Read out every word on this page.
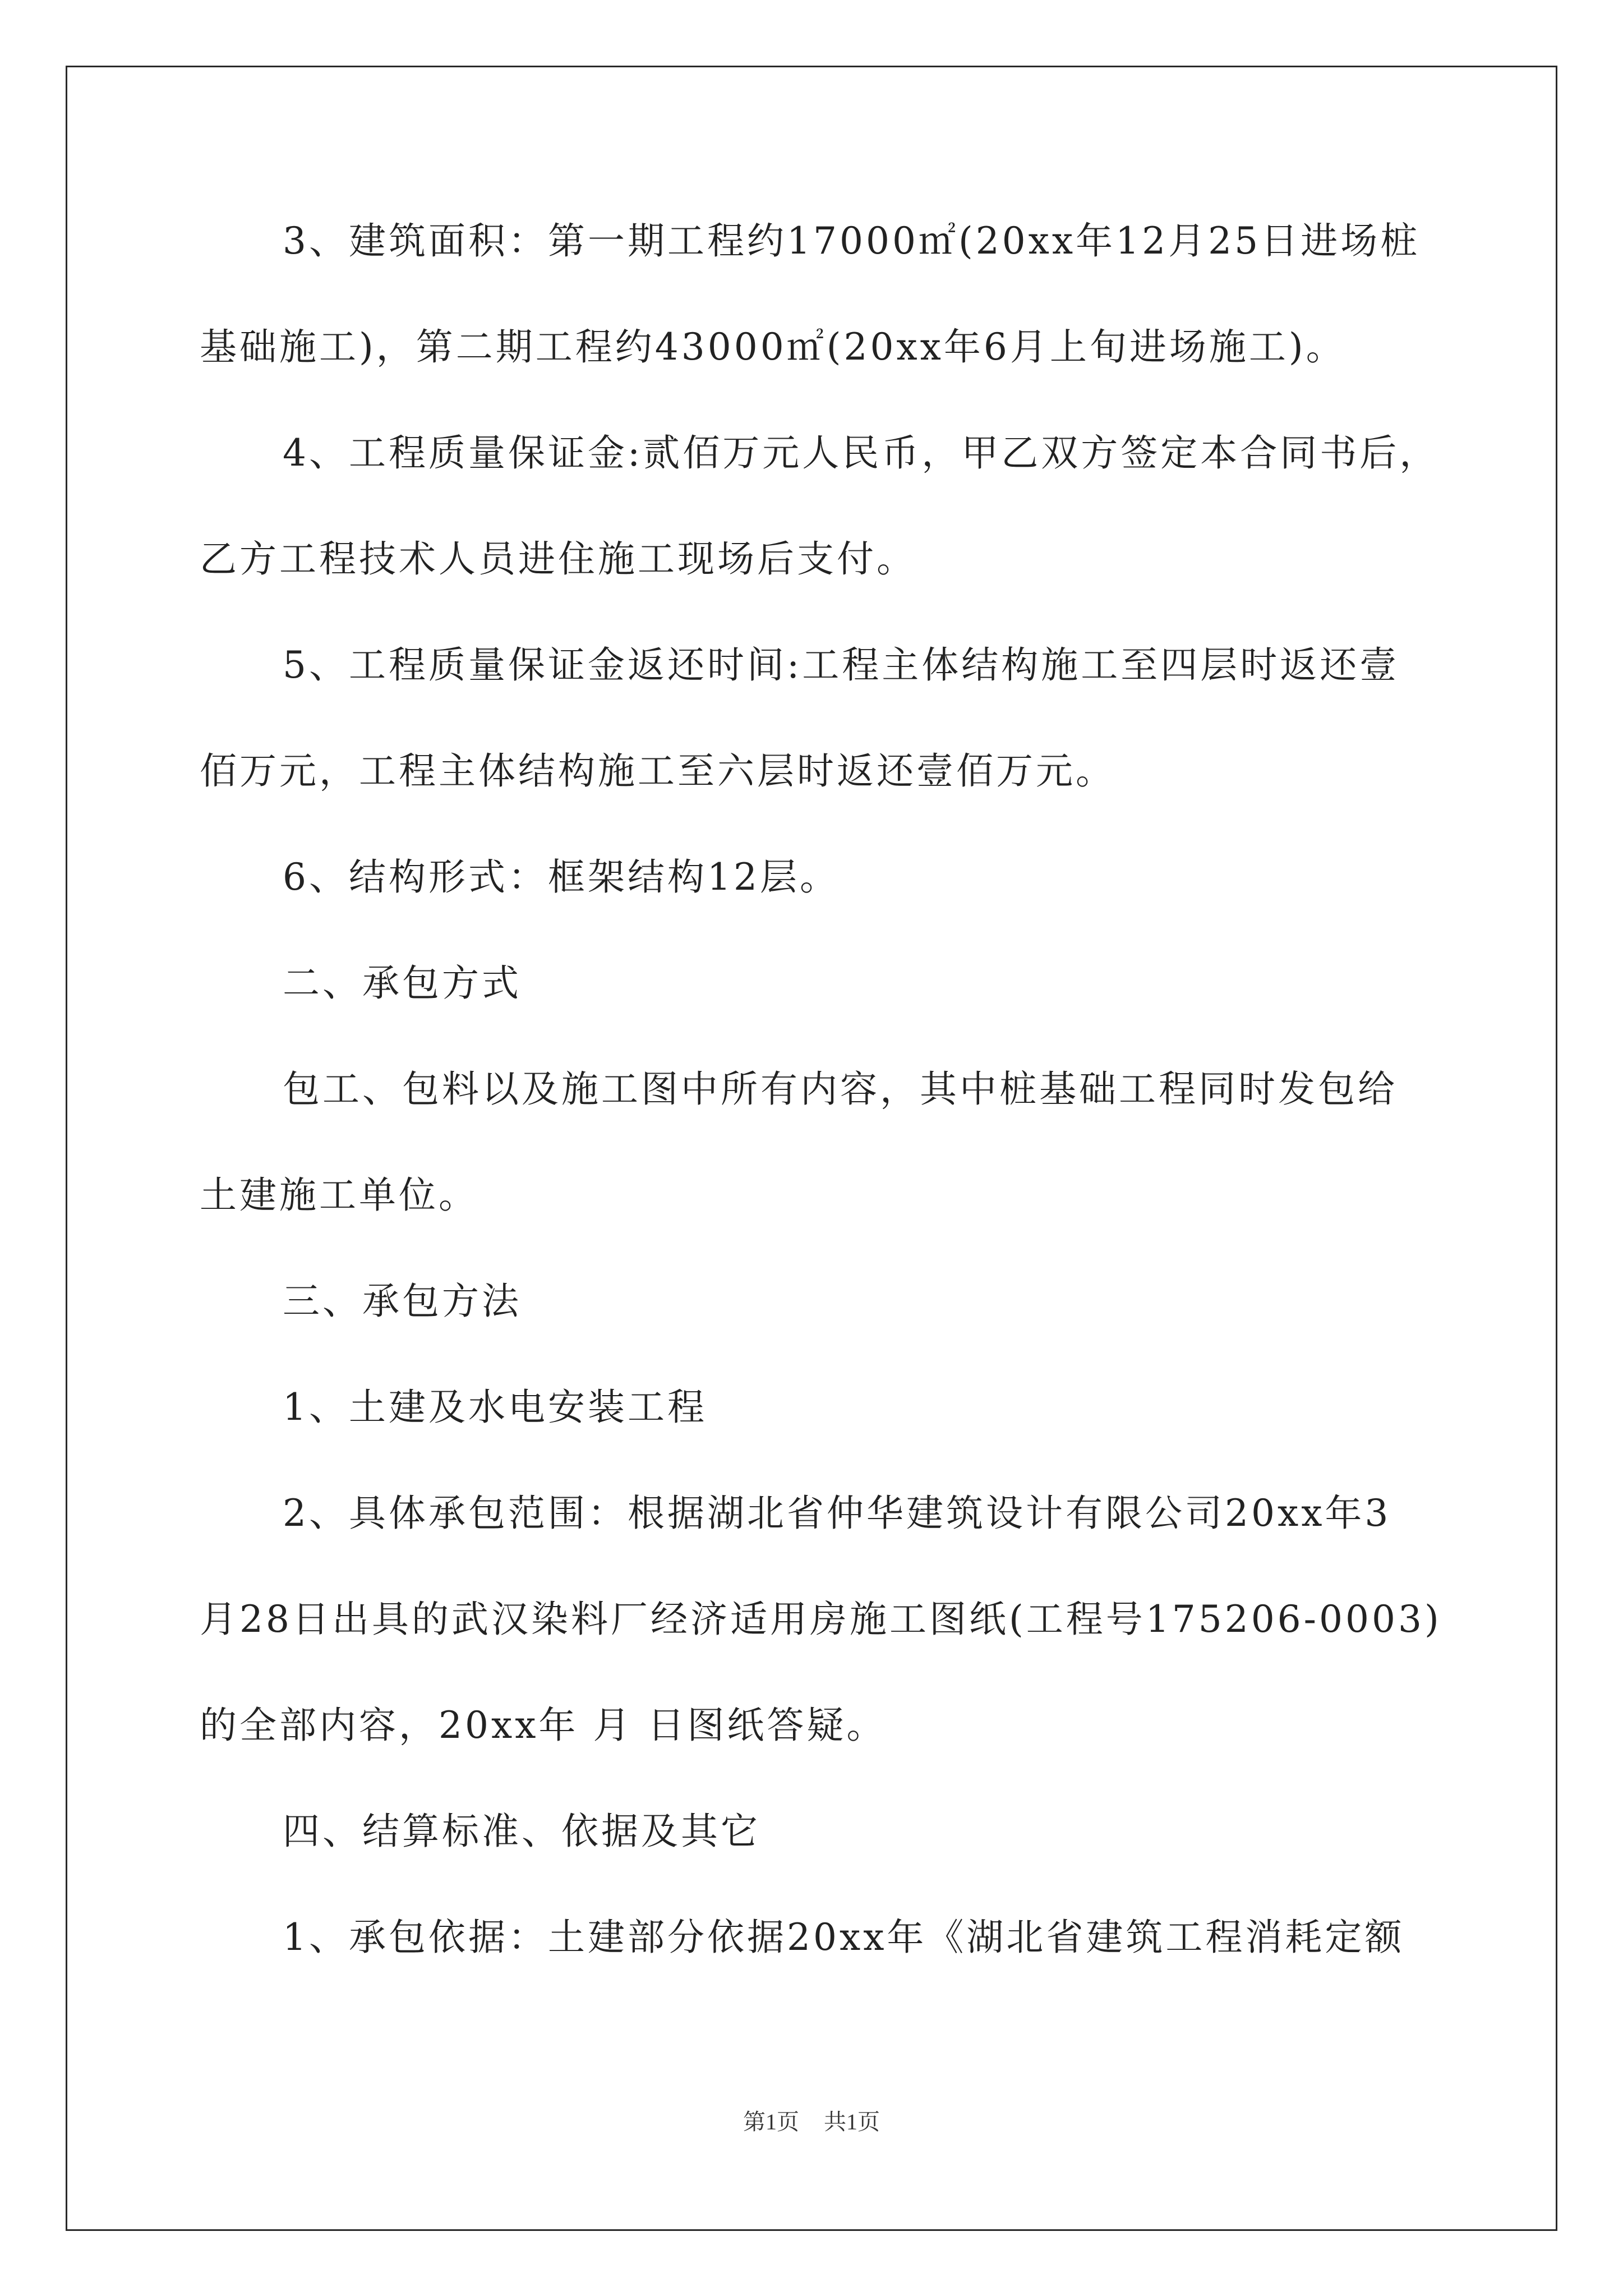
3、建筑面积：第一期工程约17000㎡(20xx年12月25日进场桩
基础施工)，第二期工程约43000㎡(20xx年6月上旬进场施工)。
4、工程质量保证金:贰佰万元人民币，甲乙双方签定本合同书后，
乙方工程技术人员进住施工现场后支付。
5、工程质量保证金返还时间:工程主体结构施工至四层时返还壹
佰万元，工程主体结构施工至六层时返还壹佰万元。
6、结构形式：框架结构12层。
二、承包方式
包工、包料以及施工图中所有内容，其中桩基础工程同时发包给
土建施工单位。
三、承包方法
1、土建及水电安装工程
2、具体承包范围：根据湖北省仲华建筑设计有限公司20xx年3
月28日出具的武汉染料厂经济适用房施工图纸(工程号175206-0003)
的全部内容，20xx年 月 日图纸答疑。
四、结算标准、依据及其它
1、承包依据：土建部分依据20xx年《湖北省建筑工程消耗定额
第1页 共1页
